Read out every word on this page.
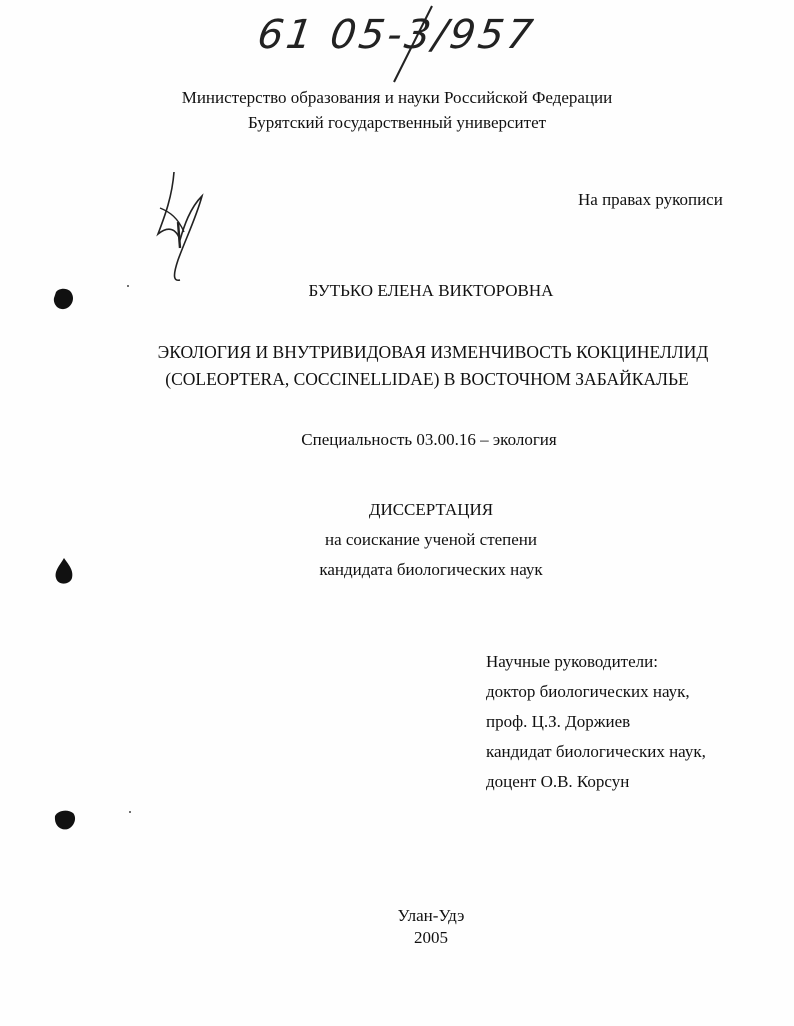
61 05-3/957
Министерство образования и науки Российской Федерации
Бурятский государственный университет
На правах рукописи
БУТЬКО ЕЛЕНА ВИКТОРОВНА
ЭКОЛОГИЯ И ВНУТРИВИДОВАЯ ИЗМЕНЧИВОСТЬ КОКЦИНЕЛЛИД
(COLEOPTERA, COCCINELLIDAE) В ВОСТОЧНОМ ЗАБАЙКАЛЬЕ
Специальность 03.00.16 – экология
ДИССЕРТАЦИЯ
на соискание ученой степени
кандидата биологических наук
Научные руководители:
доктор биологических наук,
проф. Ц.З. Доржиев
кандидат биологических наук,
доцент О.В. Корсун
Улан-Удэ
2005
